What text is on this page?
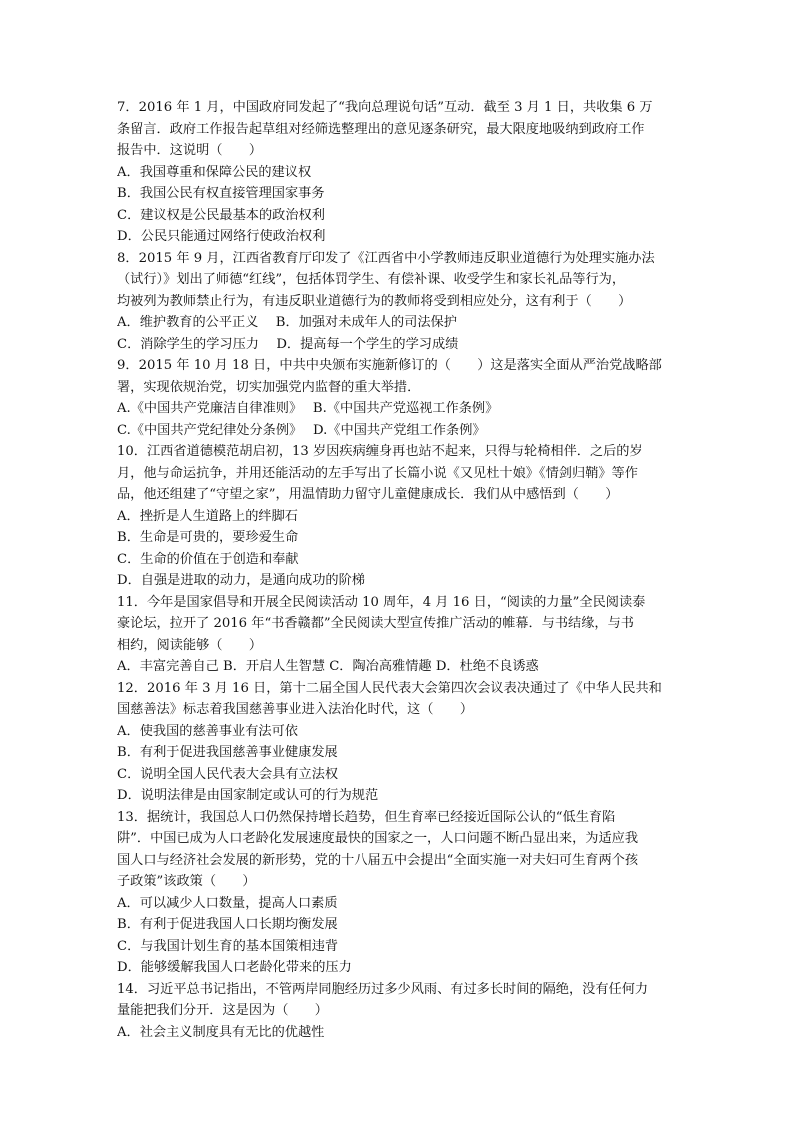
7．2016 年 1 月，中国政府同发起了“我向总理说句话”互动．截至 3 月 1 日，共收集 6 万
条留言．政府工作报告起草组对经筛选整理出的意见逐条研究，最大限度地吸纳到政府工作
报告中．这说明（　　）
A．我国尊重和保障公民的建议权
B．我国公民有权直接管理国家事务
C．建议权是公民最基本的政治权利
D．公民只能通过网络行使政治权利
8．2015 年 9 月，江西省教育厅印发了《江西省中小学教师违反职业道德行为处理实施办法
（试行）》划出了师德“红线”，包括体罚学生、有偿补课、收受学生和家长礼品等行为，
均被列为教师禁止行为，有违反职业道德行为的教师将受到相应处分，这有利于（　　）
A．维护教育的公平正义　 B．加强对未成年人的司法保护
C．消除学生的学习压力　 D．提高每一个学生的学习成绩
9．2015 年 10 月 18 日，中共中央颁布实施新修订的（　　）这是落实全面从严治党战略部
署，实现依规治党，切实加强党内监督的重大举措．
A.《中国共产党廉洁自律准则》　 B.《中国共产党巡视工作条例》
C.《中国共产党纪律处分条例》　 D.《中国共产党组工作条例》
10．江西省道德模范胡启初，13 岁因疾病缠身再也站不起来，只得与轮椅相伴．之后的岁
月，他与命运抗争，并用还能活动的左手写出了长篇小说《又见杜十娘》《情剑归鞘》等作
品，他还组建了“守望之家”，用温情助力留守儿童健康成长．我们从中感悟到（　　）
A．挫折是人生道路上的绊脚石
B．生命是可贵的，要珍爱生命
C．生命的价值在于创造和奉献
D．自强是进取的动力，是通向成功的阶梯
11．今年是国家倡导和开展全民阅读活动 10 周年，4 月 16 日，“阅读的力量”全民阅读泰
豪论坛，拉开了 2016 年“书香赣都”全民阅读大型宣传推广活动的帷幕．与书结缘，与书
相约，阅读能够（　　）
A．丰富完善自己 B．开启人生智慧 C．陶冶高雅情趣 D．杜绝不良诱惑
12．2016 年 3 月 16 日，第十二届全国人民代表大会第四次会议表决通过了《中华人民共和
国慈善法》标志着我国慈善事业进入法治化时代，这（　　）
A．使我国的慈善事业有法可依
B．有利于促进我国慈善事业健康发展
C．说明全国人民代表大会具有立法权
D．说明法律是由国家制定或认可的行为规范
13．据统计，我国总人口仍然保持增长趋势，但生育率已经接近国际公认的“低生育陷
阱”．中国已成为人口老龄化发展速度最快的国家之一，人口问题不断凸显出来，为适应我
国人口与经济社会发展的新形势，党的十八届五中会提出“全面实施一对夫妇可生育两个孩
子政策”该政策（　　）
A．可以减少人口数量，提高人口素质
B．有利于促进我国人口长期均衡发展
C．与我国计划生育的基本国策相违背
D．能够缓解我国人口老龄化带来的压力
14．习近平总书记指出，不管两岸同胞经历过多少风雨、有过多长时间的隔绝，没有任何力
量能把我们分开．这是因为（　　）
A．社会主义制度具有无比的优越性
